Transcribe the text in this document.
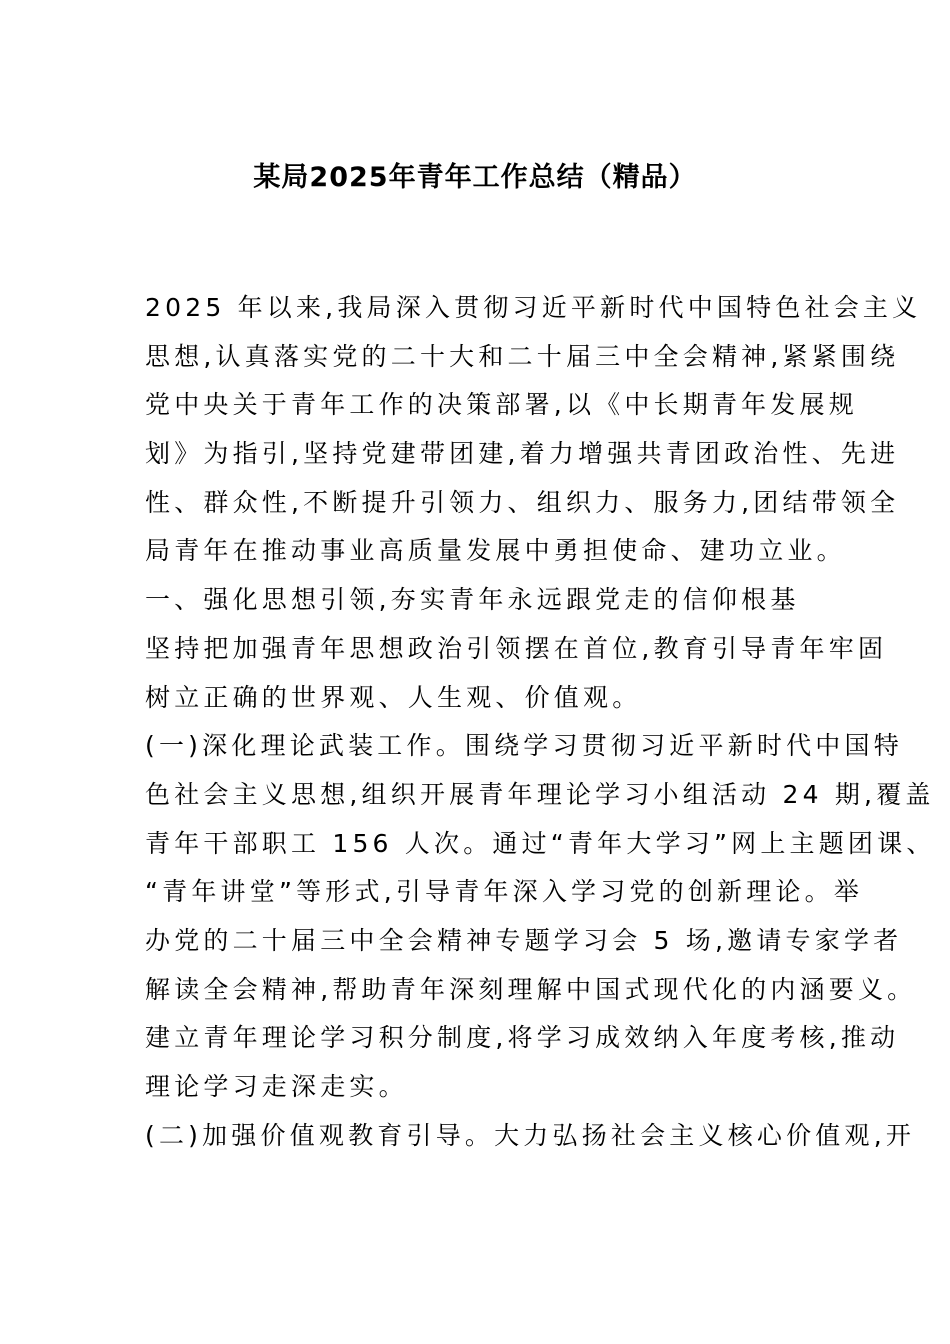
某局2025年青年工作总结（精品）
2025 年以来,我局深入贯彻习近平新时代中国特色社会主义
思想,认真落实党的二十大和二十届三中全会精神,紧紧围绕
党中央关于青年工作的决策部署,以《中长期青年发展规
划》为指引,坚持党建带团建,着力增强共青团政治性、先进
性、群众性,不断提升引领力、组织力、服务力,团结带领全
局青年在推动事业高质量发展中勇担使命、建功立业。
一、强化思想引领,夯实青年永远跟党走的信仰根基
坚持把加强青年思想政治引领摆在首位,教育引导青年牢固
树立正确的世界观、人生观、价值观。
(一)深化理论武装工作。围绕学习贯彻习近平新时代中国特
色社会主义思想,组织开展青年理论学习小组活动 24 期,覆盖
青年干部职工 156 人次。通过“青年大学习”网上主题团课、
“青年讲堂”等形式,引导青年深入学习党的创新理论。举
办党的二十届三中全会精神专题学习会 5 场,邀请专家学者
解读全会精神,帮助青年深刻理解中国式现代化的内涵要义。
建立青年理论学习积分制度,将学习成效纳入年度考核,推动
理论学习走深走实。
(二)加强价值观教育引导。大力弘扬社会主义核心价值观,开
